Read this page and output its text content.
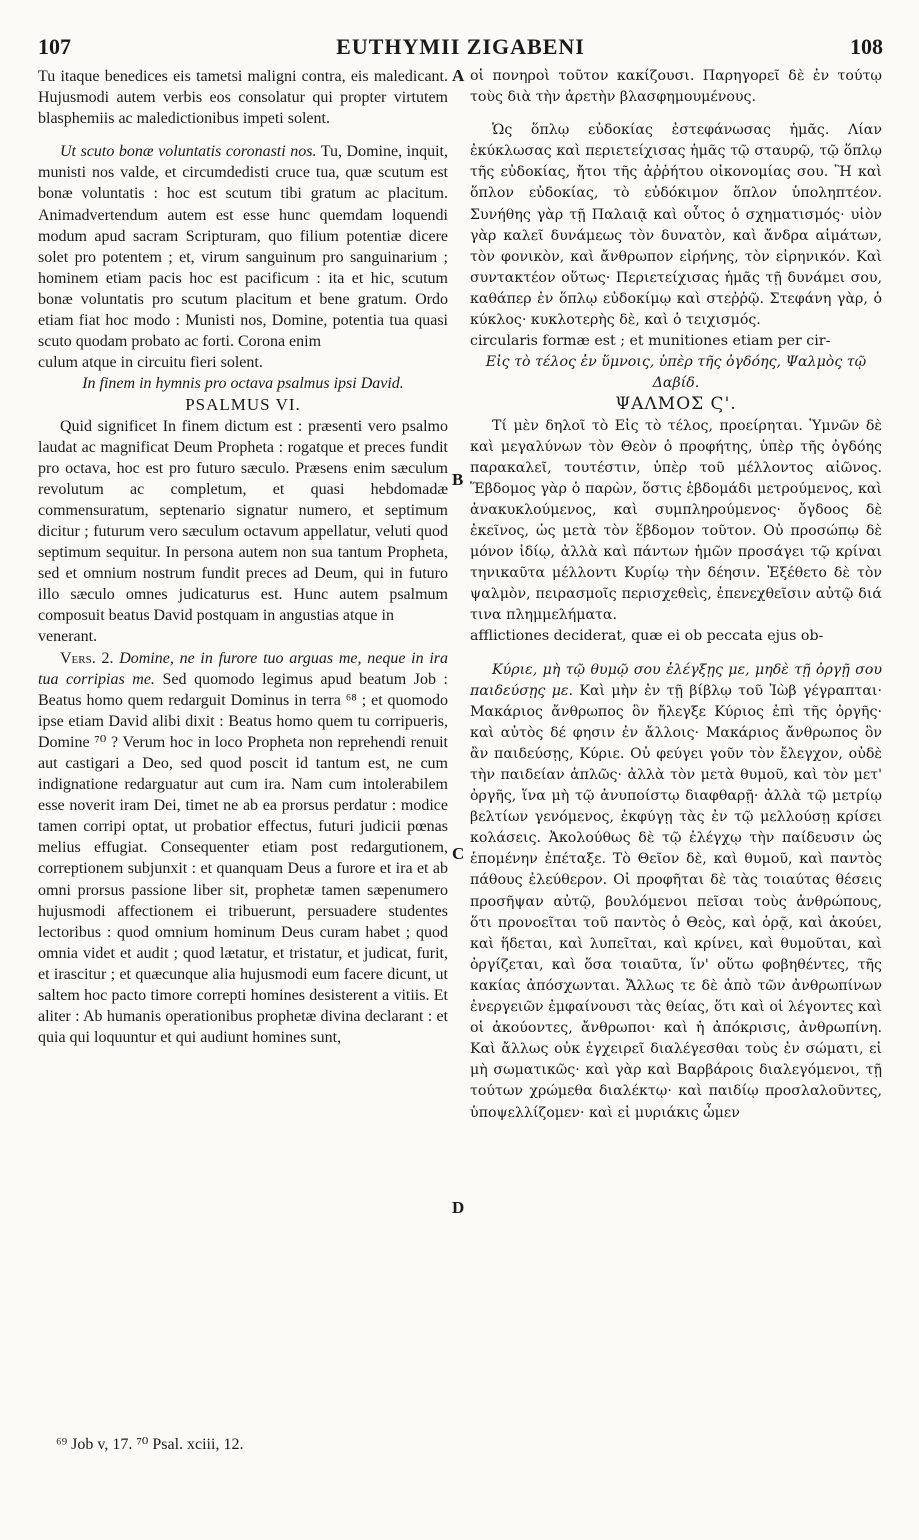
107	EUTHYMII ZIGABENI	108

Tu itaque benedices eis tametsi maligni contra, eis maledicant. Hujusmodi autem verbis eos consolatur qui propter virtutem blasphemiis ac maledictionibus impeti solent.

Ut scuto bonæ voluntatis coronasti nos. Tu, Domine, inquit, munisti nos valde, et circumdedisti cruce tua, quæ scutum est bonæ voluntatis : hoc est scutum tibi gratum ac placitum. Animadvertendum autem est esse hunc quemdam loquendi modum apud sacram Scripturam, quo filium potentiæ dicere solet pro potentem ; et, virum sanguinum pro sanguinarium ; hominem etiam pacis hoc est pacificum : ita et hic, scutum bonæ voluntatis pro scutum placitum et bene gratum. Ordo etiam fiat hoc modo : Munisti nos, Domine, potentia tua quasi scuto quodam probato ac forti. Corona enim

culum atque in circuitu fieri solent.

In finem in hymnis pro octava psalmus ipsi David.

PSALMUS VI.

Quid significet In finem dictum est : præsenti vero psalmo laudat ac magnificat Deum Propheta : rogatque et preces fundit pro octava, hoc est pro futuro sæculo. Præsens enim sæculum revolutum ac completum, et quasi hebdomadæ commensuratum, septenario signatur numero, et septimum dicitur ; futurum vero sæculum octavum appellatur, veluti quod septimum sequitur. In persona autem non sua tantum Propheta, sed et omnium nostrum fundit preces ad Deum, qui in futuro illo sæculo omnes judicaturus est. Hunc autem psalmum composuit beatus David postquam in angustias atque in

venerant.

Vers. 2. Domine, ne in furore tuo arguas me, neque in ira tua corripias me. Sed quomodo legimus apud beatum Job : Beatus homo quem redarguit Dominus in terra ⁶⁸ ; et quomodo ipse etiam David alibi dixit : Beatus homo quem tu corripueris, Domine ⁷⁰ ? Verum hoc in loco Propheta non reprehendi renuit aut castigari a Deo, sed quod poscit id tantum est, ne cum indignatione redarguatur aut cum ira. Nam cum intolerabilem esse noverit iram Dei, timet ne ab ea prorsus perdatur : modice tamen corripi optat, ut probatior effectus, futuri judicii pœnas melius effugiat. Consequenter etiam post redargutionem, correptionem subjunxit : et quanquam Deus a furore et ira et ab omni prorsus passione liber sit, prophetæ tamen sæpenumero hujusmodi affectionem ei tribuerunt, persuadere studentes lectoribus : quod omnium hominum Deus curam habet ; quod omnia videt et audit ; quod lætatur, et tristatur, et judicat, furit, et irascitur ; et quæcunque alia hujusmodi eum facere dicunt, ut saltem hoc pacto timore correpti homines desisterent a vitiis. Et aliter : Ab humanis operationibus prophetæ divina declarant : et quia qui loquuntur et qui audiunt homines sunt,

οἱ πονηροὶ τοῦτον κακίζουσι. Παρηγορεῖ δὲ ἐν τούτῳ τοὺς διὰ τὴν ἀρετὴν βλασφημουμένους.

Ὡς ὅπλῳ εὐδοκίας ἐστεφάνωσας ἡμᾶς. Λίαν ἐκύκλωσας καὶ περιετείχισας ἡμᾶς τῷ σταυρῷ, τῷ ὅπλῳ τῆς εὐδοκίας, ἤτοι τῆς ἀῤῥήτου οἰκονομίας σου. Ἢ καὶ ὅπλον εὐδοκίας, τὸ εὐδόκιμον ὅπλον ὑποληπτέον. Συνήθης γὰρ τῇ Παλαιᾷ καὶ οὗτος ὁ σχηματισμός· υἱὸν γὰρ καλεῖ δυνάμεως τὸν δυνατὸν, καὶ ἄνδρα αἱμάτων, τὸν φονικὸν, καὶ ἄνθρωπον εἰρήνης, τὸν εἰρηνικόν. Καὶ συντακτέον οὕτως· Περιετείχισας ἡμᾶς τῇ δυνάμει σου, καθάπερ ἐν ὅπλῳ εὐδοκίμῳ καὶ στεῤῥῷ. Στεφάνη γὰρ, ὁ κύκλος· κυκλοτερὴς δὲ, καὶ ὁ τειχισμός.

circularis formæ est ; et munitiones etiam per cir-

Εἰς τὸ τέλος ἐν ὕμνοις, ὑπὲρ τῆς ὀγδόης, Ψαλμὸς τῷ Δαβίδ.

ΨΑΛΜΟΣ Ϛ'.

Τί μὲν δηλοῖ τὸ Εἰς τὸ τέλος, προείρηται. Ὑμνῶν δὲ καὶ μεγαλύνων τὸν Θεὸν ὁ προφήτης, ὑπὲρ τῆς ὀγδόης παρακαλεῖ, τουτέστιν, ὑπὲρ τοῦ μέλλοντος αἰῶνος. Ἕβδομος γὰρ ὁ παρὼν, ὅστις ἑβδομάδι μετρούμενος, καὶ ἀνακυκλούμενος, καὶ συμπληρούμενος· ὄγδοος δὲ ἐκεῖνος, ὡς μετὰ τὸν ἕβδομον τοῦτον. Οὐ προσώπῳ δὲ μόνον ἰδίῳ, ἀλλὰ καὶ πάντων ἡμῶν προσάγει τῷ κρίναι τηνικαῦτα μέλλοντι Κυρίῳ τὴν δέησιν. Ἐξέθετο δὲ τὸν ψαλμὸν, πειρασμοῖς περισχεθεὶς, ἐπενεχθεῖσιν αὐτῷ διά τινα πλημμελήματα.

afflictiones deciderat, quæ ei ob peccata ejus ob-

Κύριε, μὴ τῷ θυμῷ σου ἐλέγξῃς με, μηδὲ τῇ ὀργῇ σου παιδεύσῃς με. Καὶ μὴν ἐν τῇ βίβλῳ τοῦ Ἰὼβ γέγραπται· Μακάριος ἄνθρωπος ὃν ἤλεγξε Κύριος ἐπὶ τῆς ὀργῆς· καὶ αὐτὸς δέ φησιν ἐν ἄλλοις· Μακάριος ἄνθρωπος ὃν ἂν παιδεύσῃς, Κύριε. Οὐ φεύγει γοῦν τὸν ἔλεγχον, οὐδὲ τὴν παιδείαν ἁπλῶς· ἀλλὰ τὸν μετὰ θυμοῦ, καὶ τὸν μετ' ὀργῆς, ἵνα μὴ τῷ ἀνυποίστῳ διαφθαρῇ· ἀλλὰ τῷ μετρίῳ βελτίων γενόμενος, ἐκφύγῃ τὰς ἐν τῷ μελλούσῃ κρίσει κολάσεις. Ἀκολούθως δὲ τῷ ἐλέγχῳ τὴν παίδευσιν ὡς ἑπομένην ἐπέταξε. Τὸ Θεῖον δὲ, καὶ θυμοῦ, καὶ παντὸς πάθους ἐλεύθερον. Οἱ προφῆται δὲ τὰς τοιαύτας θέσεις προσῆψαν αὐτῷ, βουλόμενοι πεῖσαι τοὺς ἀνθρώπους, ὅτι προνοεῖται τοῦ παντὸς ὁ Θεὸς, καὶ ὁρᾷ, καὶ ἀκούει, καὶ ἥδεται, καὶ λυπεῖται, καὶ κρίνει, καὶ θυμοῦται, καὶ ὀργίζεται, καὶ ὅσα τοιαῦτα, ἵν' οὕτω φοβηθέντες, τῆς κακίας ἀπόσχωνται. Ἄλλως τε δὲ ἀπὸ τῶν ἀνθρωπίνων ἐνεργειῶν ἐμφαίνουσι τὰς θείας, ὅτι καὶ οἱ λέγοντες καὶ οἱ ἀκούοντες, ἄνθρωποι· καὶ ἡ ἀπόκρισις, ἀνθρωπίνη. Καὶ ἄλλως οὐκ ἐγχειρεῖ διαλέγεσθαι τοὺς ἐν σώματι, εἰ μὴ σωματικῶς· καὶ γὰρ καὶ Βαρβάροις διαλεγόμενοι, τῇ τούτων χρώμεθα διαλέκτῳ· καὶ παιδίῳ προσλαλοῦντες, ὑποψελλίζομεν· καὶ εἰ μυριάκις ὦμεν

A
B
C
D
⁶⁹ Job v, 17. ⁷⁰ Psal. xciii, 12.
